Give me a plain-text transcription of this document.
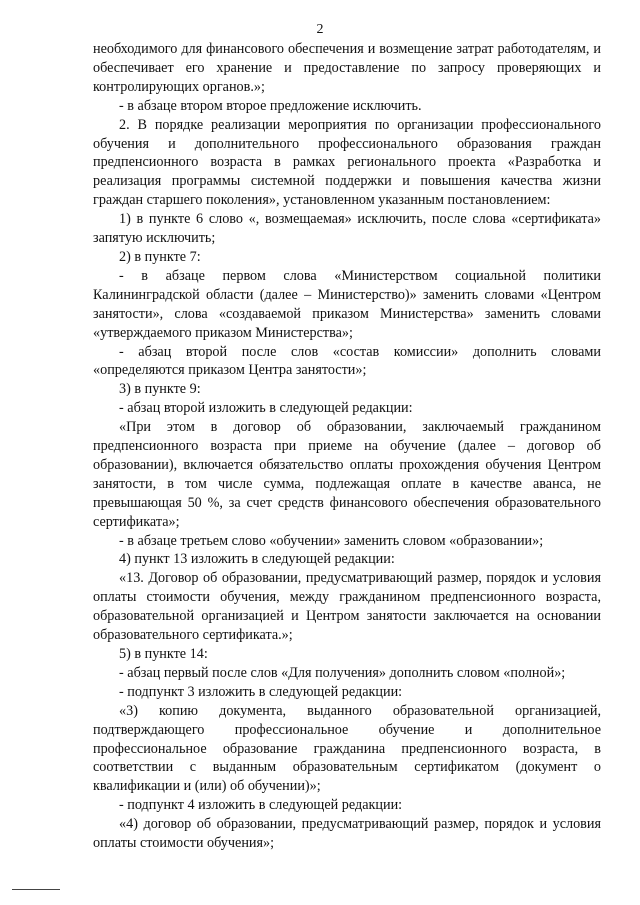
2

необходимого для финансового обеспечения и возмещение затрат работодателям, и обеспечивает его хранение и предоставление по запросу проверяющих и контролирующих органов.»;

- в абзаце втором второе предложение исключить.

2. В порядке реализации мероприятия по организации профессионального обучения и дополнительного профессионального образования граждан предпенсионного возраста в рамках регионального проекта «Разработка и реализация программы системной поддержки и повышения качества жизни граждан старшего поколения», установленном указанным постановлением:

1) в пункте 6 слово «, возмещаемая» исключить, после слова «сертификата» запятую исключить;

2) в пункте 7:

- в абзаце первом слова «Министерством социальной политики Калининградской области (далее – Министерство)» заменить словами «Центром занятости», слова «создаваемой приказом Министерства» заменить словами «утверждаемого приказом Министерства»;

- абзац второй после слов «состав комиссии» дополнить словами «определяются приказом Центра занятости»;

3) в пункте 9:

- абзац второй изложить в следующей редакции:

«При этом в договор об образовании, заключаемый гражданином предпенсионного возраста при приеме на обучение (далее – договор об образовании), включается обязательство оплаты прохождения обучения Центром занятости, в том числе сумма, подлежащая оплате в качестве аванса, не превышающая 50 %, за счет средств финансового обеспечения образовательного сертификата»;

- в абзаце третьем слово «обучении» заменить словом «образовании»;

4) пункт 13 изложить в следующей редакции:

«13. Договор об образовании, предусматривающий размер, порядок и условия оплаты стоимости обучения, между гражданином предпенсионного возраста, образовательной организацией и Центром занятости заключается на основании образовательного сертификата.»;

5) в пункте 14:

- абзац первый после слов «Для получения» дополнить словом «полной»;

- подпункт 3 изложить в следующей редакции:

«3) копию документа, выданного образовательной организацией, подтверждающего профессиональное обучение и дополнительное профессиональное образование гражданина предпенсионного возраста, в соответствии с выданным образовательным сертификатом (документ о квалификации и (или) об обучении)»;

- подпункт 4 изложить в следующей редакции:

«4) договор об образовании, предусматривающий размер, порядок и условия оплаты стоимости обучения»;
